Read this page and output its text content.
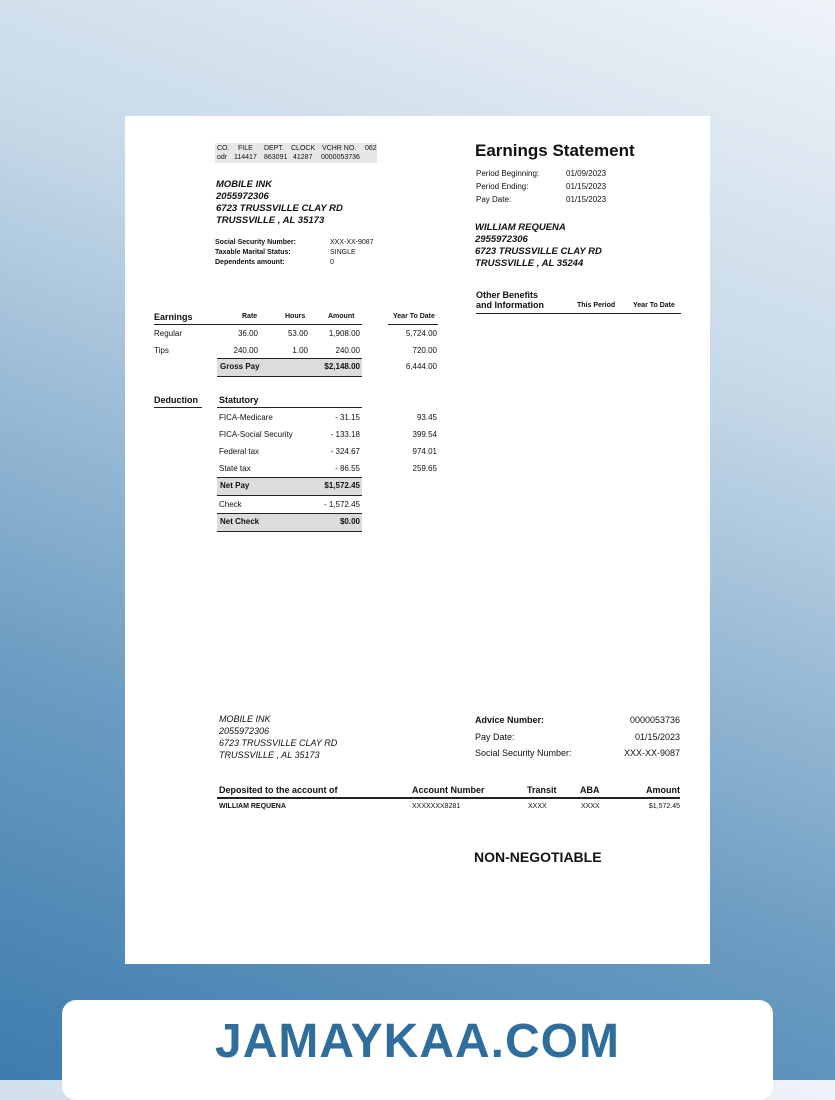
CO. FILE DEPT. CLOCK VCHR NO. 062
odr 114417 863091 41287 0000053736	Earnings Statement
MOBILE INK
2055972306
6723 TRUSSVILLE CLAY RD
TRUSSVILLE , AL 35173
Period Beginning:	01/09/2023
Period Ending:	01/15/2023
Pay Date:	01/15/2023
WILLIAM REQUENA
2955972306
6723 TRUSSVILLE CLAY RD
TRUSSVILLE , AL 35244
Social Security Number:	XXX-XX-9087
Taxable Marital Status:	SINGLE
Dependents amount:	0
Other Benefits
and Information	This Period	Year To Date
Earnings	Rate	Hours	Amount	Year To Date
Regular	36.00	53.00	1,908.00	5,724.00
Tips	240.00	1.00	240.00	720.00
Gross Pay	$2,148.00	6,444.00
Deduction Statutory
FICA-Medicare	- 31.15	93.45
FICA-Social Security	- 133.18	399.54
Federal tax	- 324.67	974.01
State tax	- 86.55	259.65
Net Pay	$1,572.45
Check	- 1,572.45
Net Check	$0.00
MOBILE INK
2055972306
6723 TRUSSVILLE CLAY RD
TRUSSVILLE , AL 35173
Advice Number:	0000053736
Pay Date:	01/15/2023
Social Security Number:	XXX-XX-9087
Deposited to the account of	Account Number	Transit	ABA	Amount
WILLIAM REQUENA	XXXXXXX8281	XXXX	XXXX	$1,572.45
NON-NEGOTIABLE
JAMAYKAA.COM
